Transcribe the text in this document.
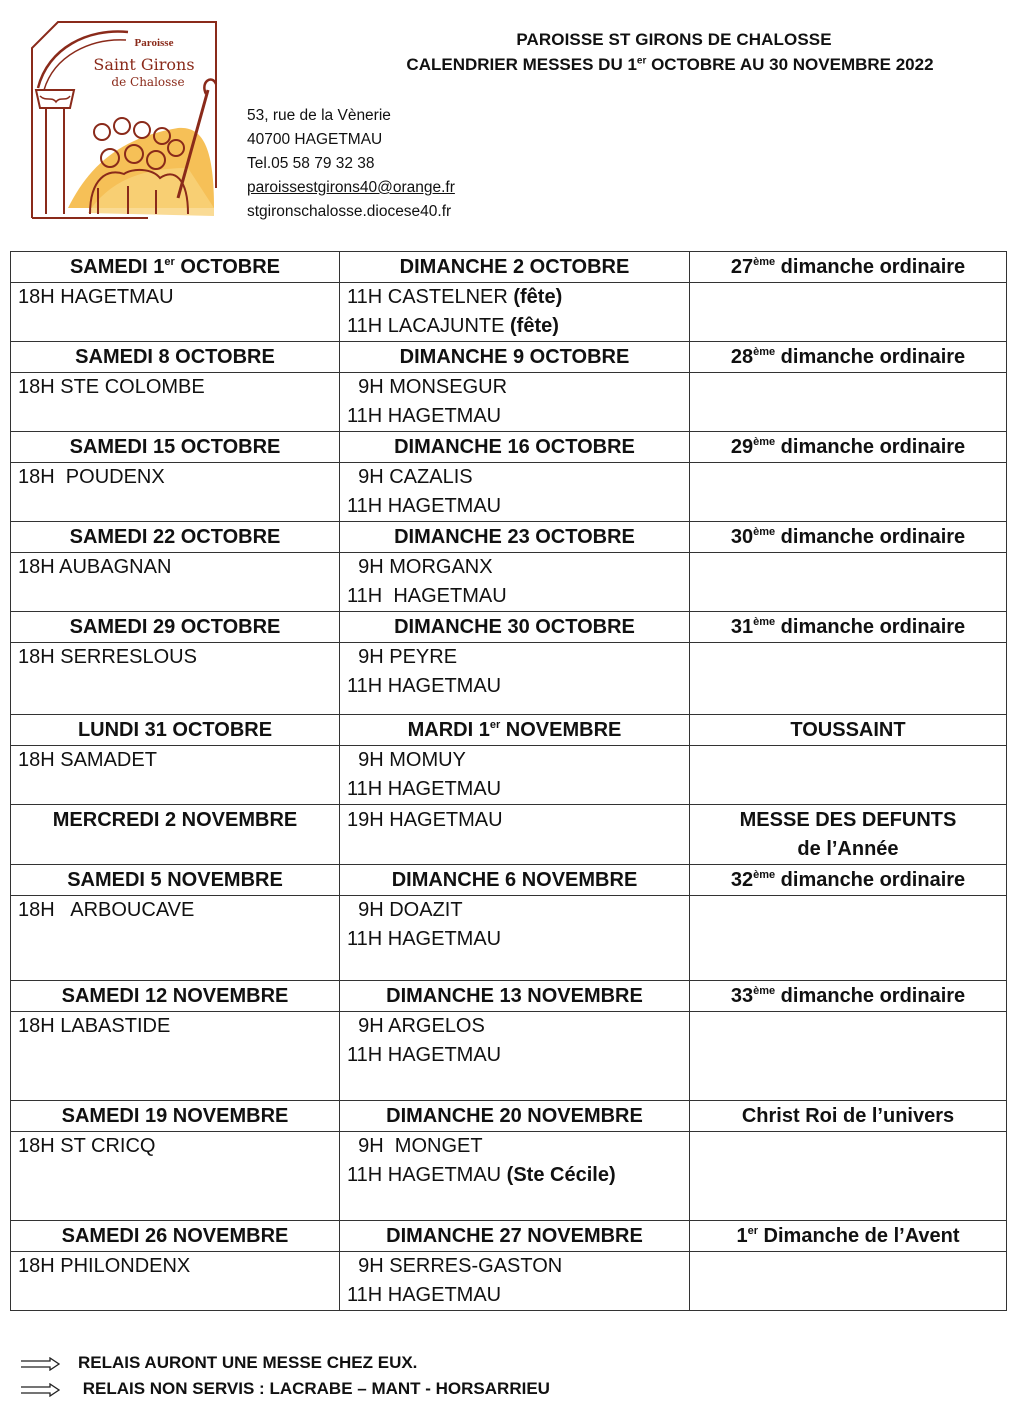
Paroisse
Saint Girons
de Chalosse
PAROISSE ST GIRONS DE CHALOSSE
CALENDRIER MESSES DU 1er OCTOBRE AU 30 NOVEMBRE 2022
53, rue de la Vènerie
40700 HAGETMAU
Tel.05 58 79 32 38
paroissestgirons40@orange.fr
stgironschalosse.diocese40.fr
SAMEDI 1er OCTOBRE	DIMANCHE 2 OCTOBRE	27ème dimanche ordinaire

18H HAGETMAU	11H CASTELNER (fête)
11H LACAJUNTE (fête)	

SAMEDI 8 OCTOBRE	DIMANCHE 9 OCTOBRE	28ème dimanche ordinaire

18H STE COLOMBE	9H MONSEGUR
11H HAGETMAU	

SAMEDI 15 OCTOBRE	DIMANCHE 16 OCTOBRE	29ème dimanche ordinaire

18H  POUDENX	9H CAZALIS
11H HAGETMAU	

SAMEDI 22 OCTOBRE	DIMANCHE 23 OCTOBRE	30ème dimanche ordinaire

18H AUBAGNAN	9H MORGANX
11H  HAGETMAU	

SAMEDI 29 OCTOBRE	DIMANCHE 30 OCTOBRE	31ème dimanche ordinaire

18H SERRESLOUS	9H PEYRE
11H HAGETMAU	

LUNDI 31 OCTOBRE	MARDI 1er NOVEMBRE	TOUSSAINT

18H SAMADET	9H MOMUY
11H HAGETMAU	

MERCREDI 2 NOVEMBRE	19H HAGETMAU	MESSE DES DEFUNTS
de l’Année

SAMEDI 5 NOVEMBRE	DIMANCHE 6 NOVEMBRE	32ème dimanche ordinaire

18H   ARBOUCAVE	9H DOAZIT
11H HAGETMAU	

SAMEDI 12 NOVEMBRE	DIMANCHE 13 NOVEMBRE	33ème dimanche ordinaire

18H LABASTIDE	9H ARGELOS
11H HAGETMAU	

SAMEDI 19 NOVEMBRE	DIMANCHE 20 NOVEMBRE	Christ Roi de l’univers

18H ST CRICQ	9H  MONGET
11H HAGETMAU (Ste Cécile)	

SAMEDI 26 NOVEMBRE	DIMANCHE 27 NOVEMBRE	1er Dimanche de l’Avent

18H PHILONDENX	9H SERRES-GASTON
11H HAGETMAU	

RELAIS AURONT UNE MESSE CHEZ EUX.
RELAIS NON SERVIS : LACRABE – MANT - HORSARRIEU
